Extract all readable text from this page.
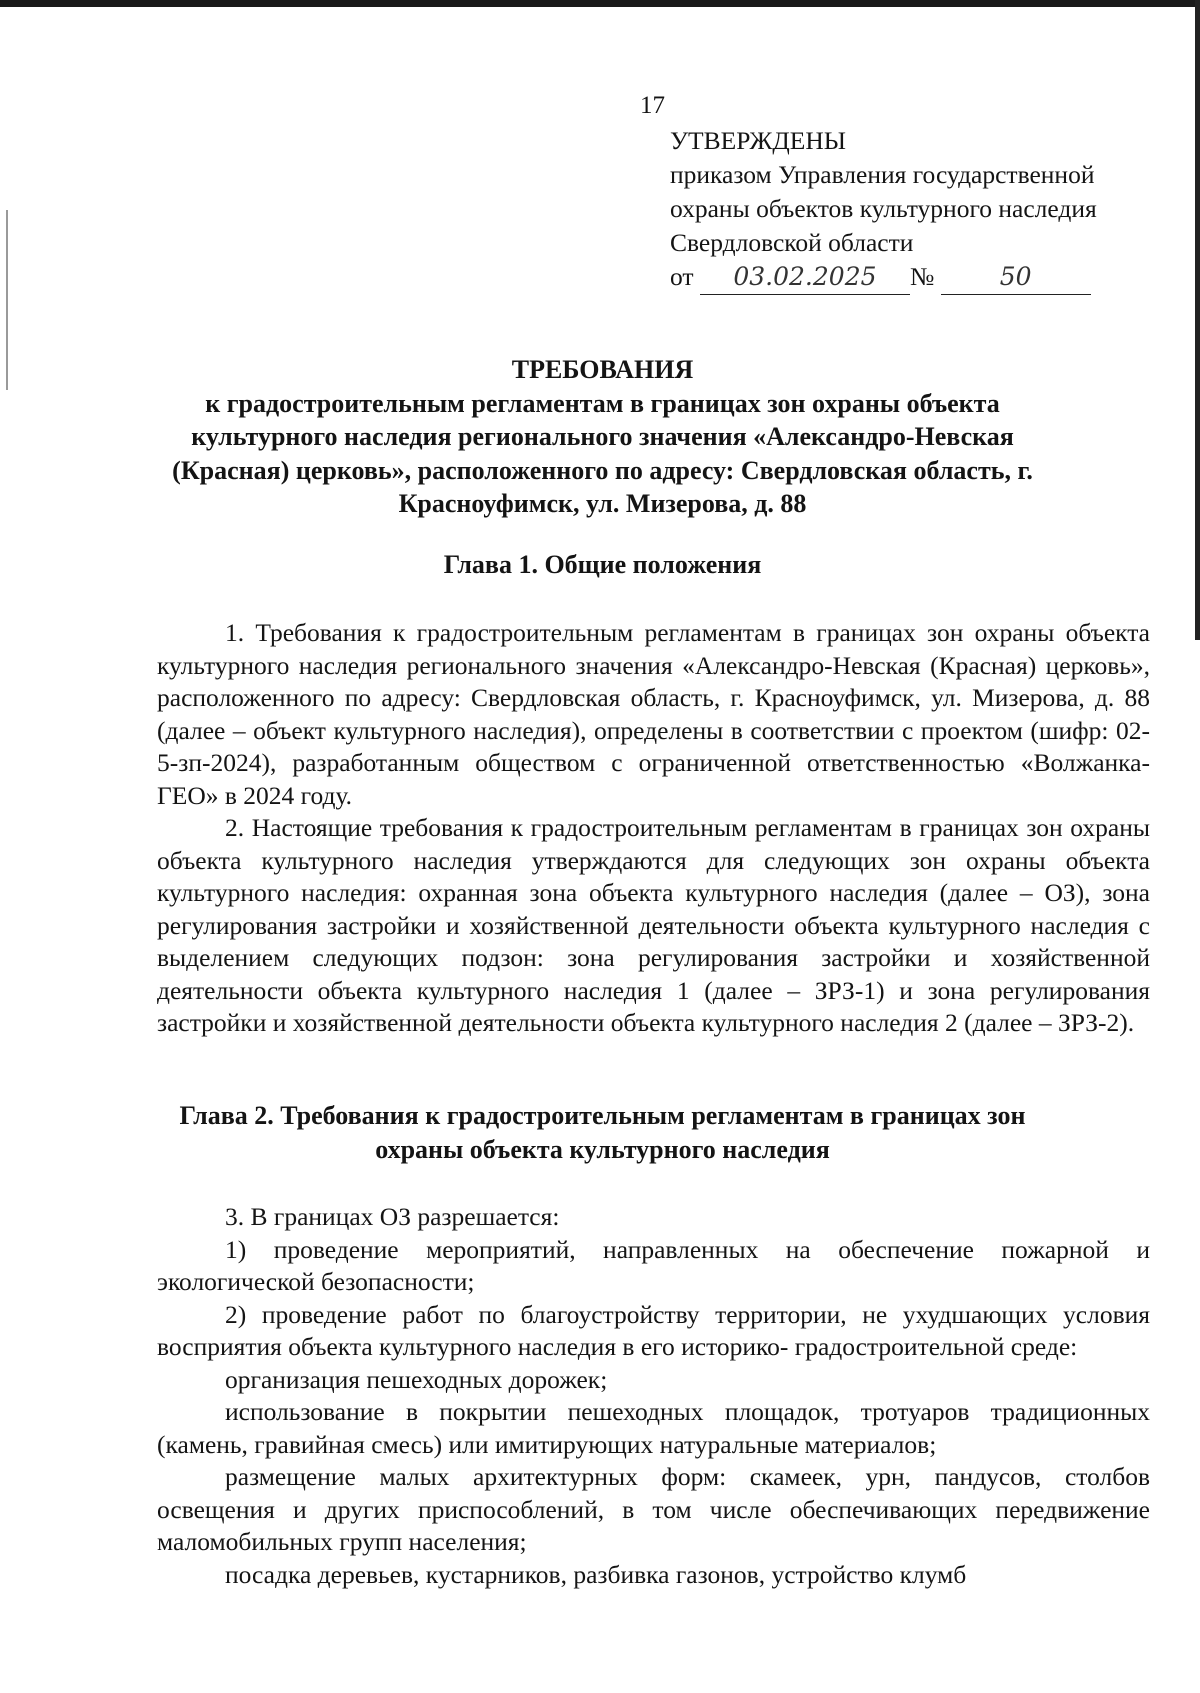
17
УТВЕРЖДЕНЫ
приказом Управления государственной
охраны объектов культурного наследия
Свердловской области
от 03.02.2025 №	50
ТРЕБОВАНИЯ
к градостроительным регламентам в границах зон охраны объекта культурного наследия регионального значения «Александро-Невская (Красная) церковь», расположенного по адресу: Свердловская область, г. Красноуфимск, ул. Мизерова, д. 88
Глава 1. Общие положения

1. Требования к градостроительным регламентам в границах зон охраны объекта культурного наследия регионального значения «Александро-Невская (Красная) церковь», расположенного по адресу: Свердловская область, г. Красноуфимск, ул. Мизерова, д. 88 (далее – объект культурного наследия), определены в соответствии с проектом (шифр: 02-5-зп-2024), разработанным обществом с ограниченной ответственностью «Волжанка-ГЕО» в 2024 году.

2. Настоящие требования к градостроительным регламентам в границах зон охраны объекта культурного наследия утверждаются для следующих зон охраны объекта культурного наследия: охранная зона объекта культурного наследия (далее – ОЗ), зона регулирования застройки и хозяйственной деятельности объекта культурного наследия с выделением следующих подзон: зона регулирования застройки и хозяйственной деятельности объекта культурного наследия 1 (далее – ЗРЗ-1) и зона регулирования застройки и хозяйственной деятельности объекта культурного наследия 2 (далее – ЗРЗ-2).

Глава 2. Требования к градостроительным регламентам в границах зон охраны объекта культурного наследия

3. В границах ОЗ разрешается:

1) проведение мероприятий, направленных на обеспечение пожарной и экологической безопасности;

2) проведение работ по благоустройству территории, не ухудшающих условия восприятия объекта культурного наследия в его историко- градостроительной среде:

организация пешеходных дорожек;

использование в покрытии пешеходных площадок, тротуаров традиционных (камень, гравийная смесь) или имитирующих натуральные материалов;

размещение малых архитектурных форм: скамеек, урн, пандусов, столбов освещения и других приспособлений, в том числе обеспечивающих передвижение маломобильных групп населения;

посадка деревьев, кустарников, разбивка газонов, устройство клумб
